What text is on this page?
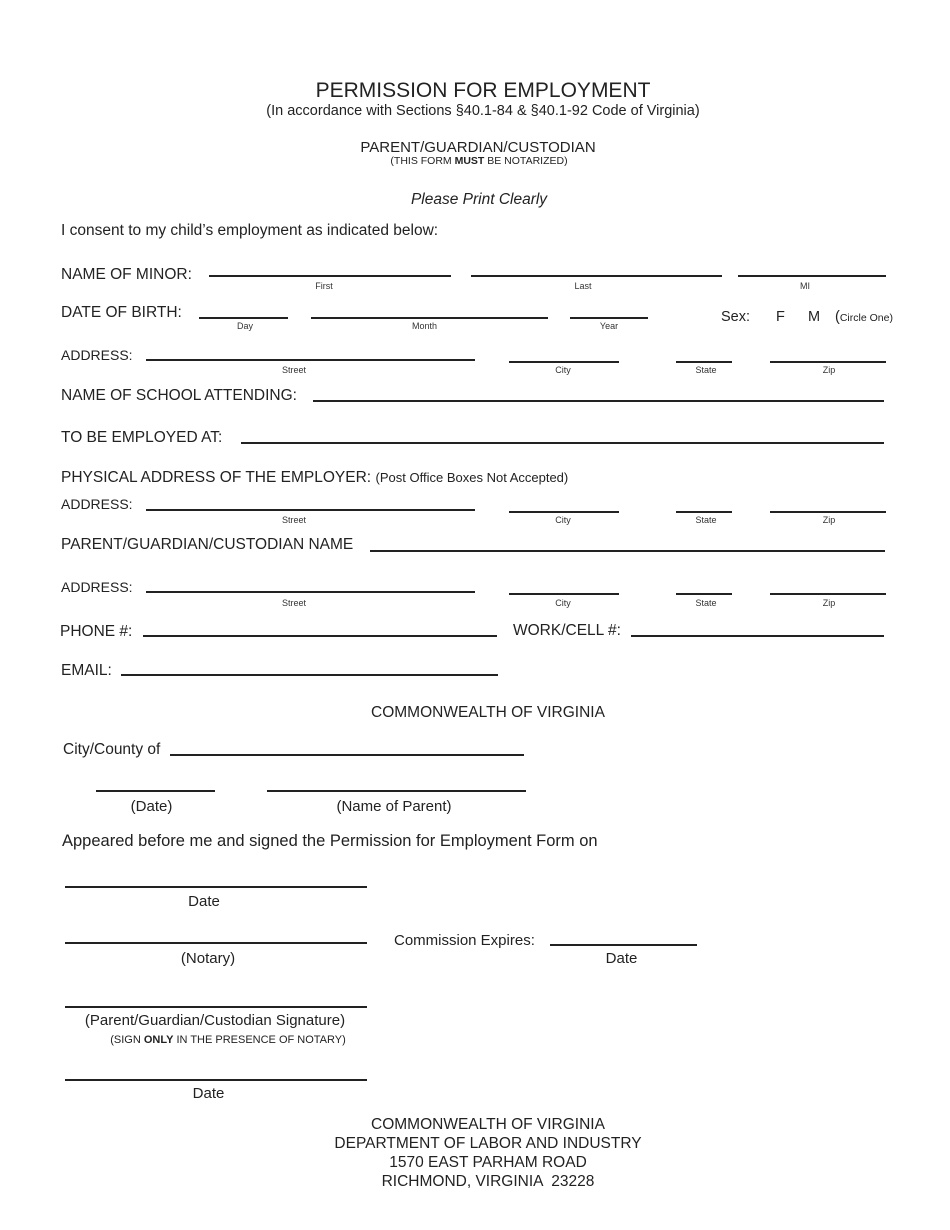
PERMISSION FOR EMPLOYMENT
(In accordance with Sections §40.1-84 & §40.1-92 Code of Virginia)
PARENT/GUARDIAN/CUSTODIAN
(THIS FORM MUST BE NOTARIZED)
Please Print Clearly
I consent to my child’s employment as indicated below:
NAME OF MINOR:
First	Last	MI
DATE OF BIRTH:
Day	Month	Year
Sex: F M (Circle One)
ADDRESS:
Street	City	State	Zip
NAME OF SCHOOL ATTENDING:
TO BE EMPLOYED AT:
PHYSICAL ADDRESS OF THE EMPLOYER: (Post Office Boxes Not Accepted)
ADDRESS:
Street	City	State	Zip
PARENT/GUARDIAN/CUSTODIAN NAME
ADDRESS:
Street	City	State	Zip
PHONE #:	WORK/CELL #:
EMAIL:
COMMONWEALTH OF VIRGINIA
City/County of
(Date)	(Name of Parent)
Appeared before me and signed the Permission for Employment Form on
Date
(Notary)
Commission Expires:
Date
(Parent/Guardian/Custodian Signature)
(SIGN ONLY IN THE PRESENCE OF NOTARY)
Date
COMMONWEALTH OF VIRGINIA
DEPARTMENT OF LABOR AND INDUSTRY
1570 EAST PARHAM ROAD
RICHMOND, VIRGINIA  23228
